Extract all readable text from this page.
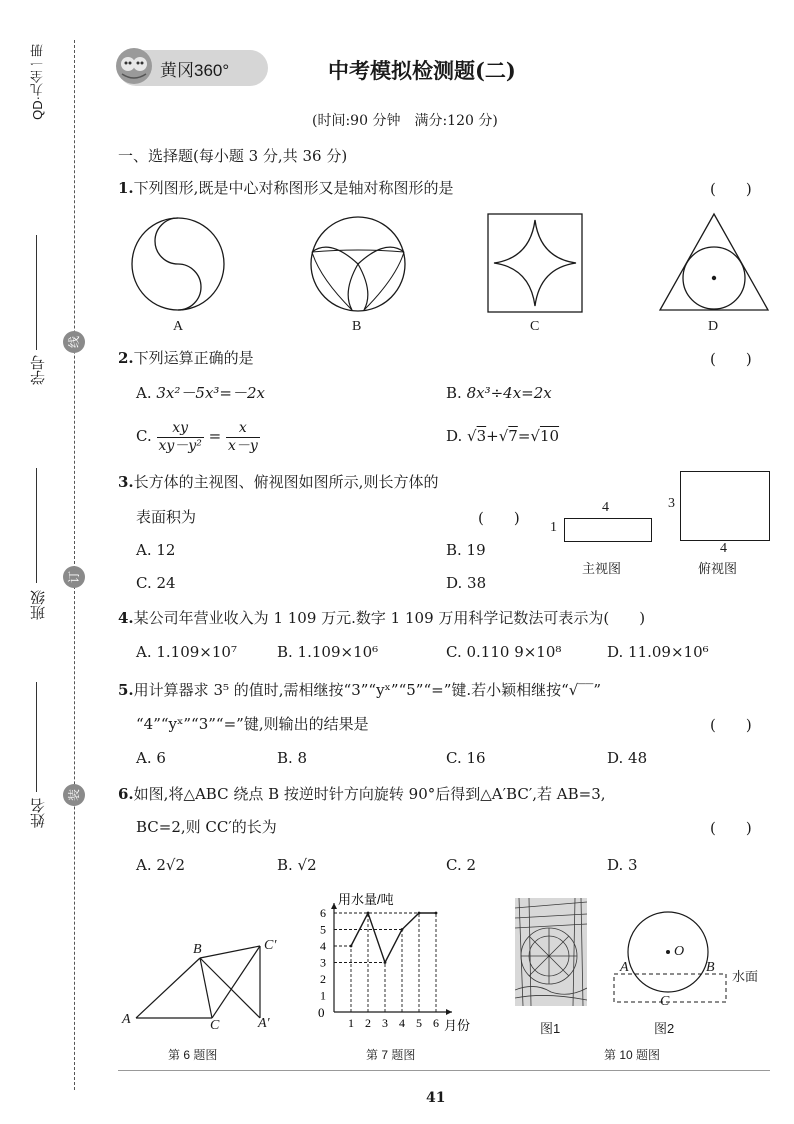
QD·九全一册
学号
班级
姓名
线
订
装
黄冈360°	中考模拟检测题(二)
(时间:90 分钟　满分:120 分)
一、选择题(每小题 3 分,共 36 分)
1.下列图形,既是中心对称图形又是轴对称图形的是	(　　)
A	B	C	D
2.下列运算正确的是	(　　)
A. 3x²－5x³=－2x	B. 8x³÷4x=2x
C. $\frac{xy}{\text{xy－y²}} = \frac{x}{x-y}$	D. √3+√7=√10
3.长方体的主视图、俯视图如图所示,则长方体的
表面积为	(　　)
A. 12	B. 19
C. 24	D. 38
4
1
主视图
3
4
俯视图
4.某公司年营业收入为 1 109 万元.数字 1 109 万用科学记数法可表示为(　　)
A. 1.109×10⁷	B. 1.109×10⁶	C. 0.110 9×10⁸	D. 11.09×10⁶
5.用计算器求 3⁵ 的值时,需相继按“3”“yˣ”“5”“=”键.若小颖相继按“√‾‾”
“4”“yˣ”“3”“=”键,则输出的结果是	(　　)
A. 6	B. 8	C. 16	D. 48
6.如图,将△ABC 绕点 B 按逆时针方向旋转 90°后得到△A′BC′,若 AB=3,
BC=2,则 CC′的长为	(　　)
A. 2√2	B. √2	C. 2	D. 3
A
B
C
C′
A′
第 6 题图
1
2
3
4
5
6
1 2 3 4 5 6
用水量/吨
月份
0
第 7 题图
图1
O
A	B
C
水面
图2
第 10 题图
41
